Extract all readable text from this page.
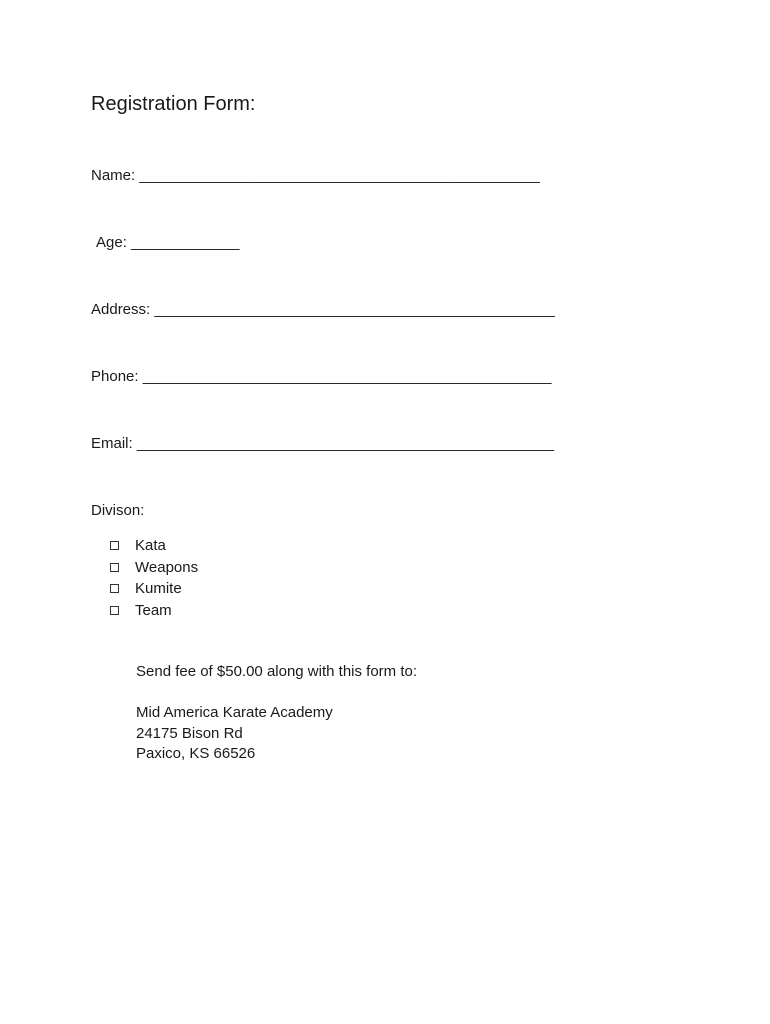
Registration Form:
Name: ________________________________________________
Age: _____________
Address: ________________________________________________
Phone: _________________________________________________
Email: __________________________________________________
Divison:
Kata
Weapons
Kumite
Team
Send fee of $50.00 along with this form to:
Mid America Karate Academy
24175 Bison Rd
Paxico, KS 66526
